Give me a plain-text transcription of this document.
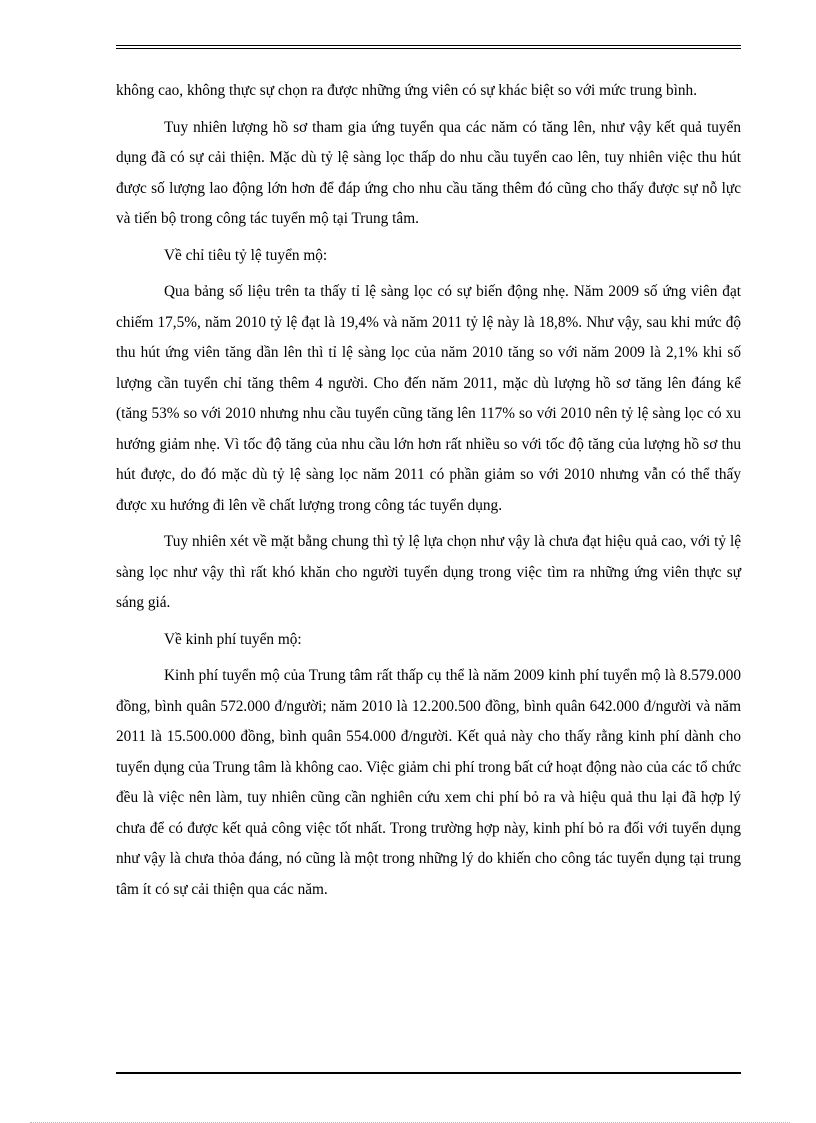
không cao, không thực sự chọn ra được những ứng viên có sự khác biệt so với mức trung bình.

Tuy nhiên lượng hồ sơ tham gia ứng tuyển qua các năm có tăng lên, như vậy kết quả tuyển dụng đã có sự cải thiện. Mặc dù tỷ lệ sàng lọc thấp do nhu cầu tuyển cao lên, tuy nhiên việc thu hút được số lượng lao động lớn hơn để đáp ứng cho nhu cầu tăng thêm đó cũng cho thấy được sự nỗ lực và tiến bộ trong công tác tuyển mộ tại Trung tâm.

Về chỉ tiêu tỷ lệ tuyển mộ:

Qua bảng số liệu trên ta thấy tỉ lệ sàng lọc có sự biến động nhẹ. Năm 2009 số ứng viên đạt chiếm 17,5%, năm 2010 tỷ lệ đạt là 19,4% và năm 2011 tỷ lệ này là 18,8%. Như vậy, sau khi mức độ thu hút ứng viên tăng dần lên thì tỉ lệ sàng lọc của năm 2010 tăng so với năm 2009 là 2,1% khi số lượng cần tuyển chỉ tăng thêm 4 người. Cho đến năm 2011, mặc dù lượng hồ sơ tăng lên đáng kể (tăng 53% so với 2010 nhưng nhu cầu tuyển cũng tăng lên 117% so với 2010 nên tỷ lệ sàng lọc có xu hướng giảm nhẹ. Vì tốc độ tăng của nhu cầu lớn hơn rất nhiều so với tốc độ tăng của lượng hồ sơ thu hút được, do đó mặc dù tỷ lệ sàng lọc năm 2011 có phần giảm so với 2010 nhưng vẫn có thể thấy được xu hướng đi lên về chất lượng trong công tác tuyển dụng.

Tuy nhiên xét về mặt bằng chung thì tỷ lệ lựa chọn như vậy là chưa đạt hiệu quả cao, với tỷ lệ sàng lọc như vậy thì rất khó khăn cho người tuyển dụng trong việc tìm ra những ứng viên thực sự sáng giá.

Về kinh phí tuyển mộ:

Kinh phí tuyển mộ của Trung tâm rất thấp cụ thể là năm 2009 kinh phí tuyển mộ là 8.579.000 đồng, bình quân 572.000 đ/người; năm 2010 là 12.200.500 đồng, bình quân 642.000 đ/người và năm 2011 là 15.500.000 đồng, bình quân 554.000 đ/người. Kết quả này cho thấy rằng kinh phí dành cho tuyển dụng của Trung tâm là không cao. Việc giảm chi phí trong bất cứ hoạt động nào của các tổ chức đều là việc nên làm, tuy nhiên cũng cần nghiên cứu xem chi phí bỏ ra và hiệu quả thu lại đã hợp lý chưa để có được kết quả công việc tốt nhất. Trong trường hợp này, kinh phí bỏ ra đối với tuyển dụng như vậy là chưa thỏa đáng, nó cũng là một trong những lý do khiến cho công tác tuyển dụng tại trung tâm ít có sự cải thiện qua các năm.
